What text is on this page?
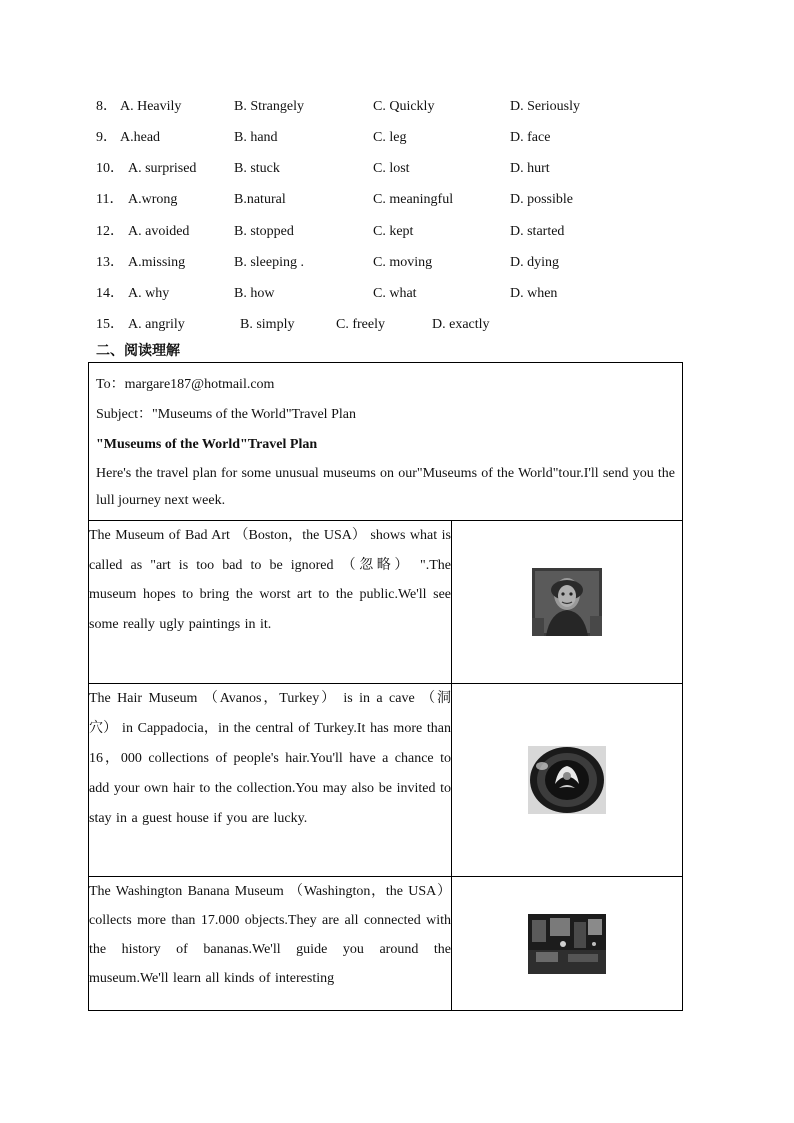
8． A. Heavily	B. Strangely	C. Quickly	D. Seriously
9． A.head	B. hand	C. leg	D. face
10． A. surprised	B. stuck	C. lost	D. hurt
11． A.wrong	B.natural	C. meaningful	D. possible
12． A. avoided	B. stopped	C. kept	D. started
13． A.missing	B. sleeping .	C. moving	D. dying
14． A. why	B. how	C. what	D. when
15． A. angrily	B. simply	C. freely	D. exactly
二、阅读理解
To：margare187@hotmail.com
Subject："Museums of the World"Travel Plan
"Museums of the World"Travel Plan
Here's the travel plan for some unusual museums on our"Museums of the World"tour.I'll send you the lull journey next week.	

The Museum of Bad Art （Boston，the USA） shows what is called as "art is too bad to be ignored （忽略） ".The museum hopes to bring the worst art to the public.We'll see some really ugly paintings in it.	
The Hair Museum （Avanos，Turkey） is in a cave （洞穴） in Cappadocia，in the central of Turkey.It has more than 16，000 collections of people's hair.You'll have a chance to add your own hair to the collection.You may also be invited to stay in a guest house if you are lucky.	
The Washington Banana Museum （Washington，the USA） collects more than 17.000 objects.They are all connected with the history of bananas.We'll guide you around the museum.We'll learn all kinds of interesting	
